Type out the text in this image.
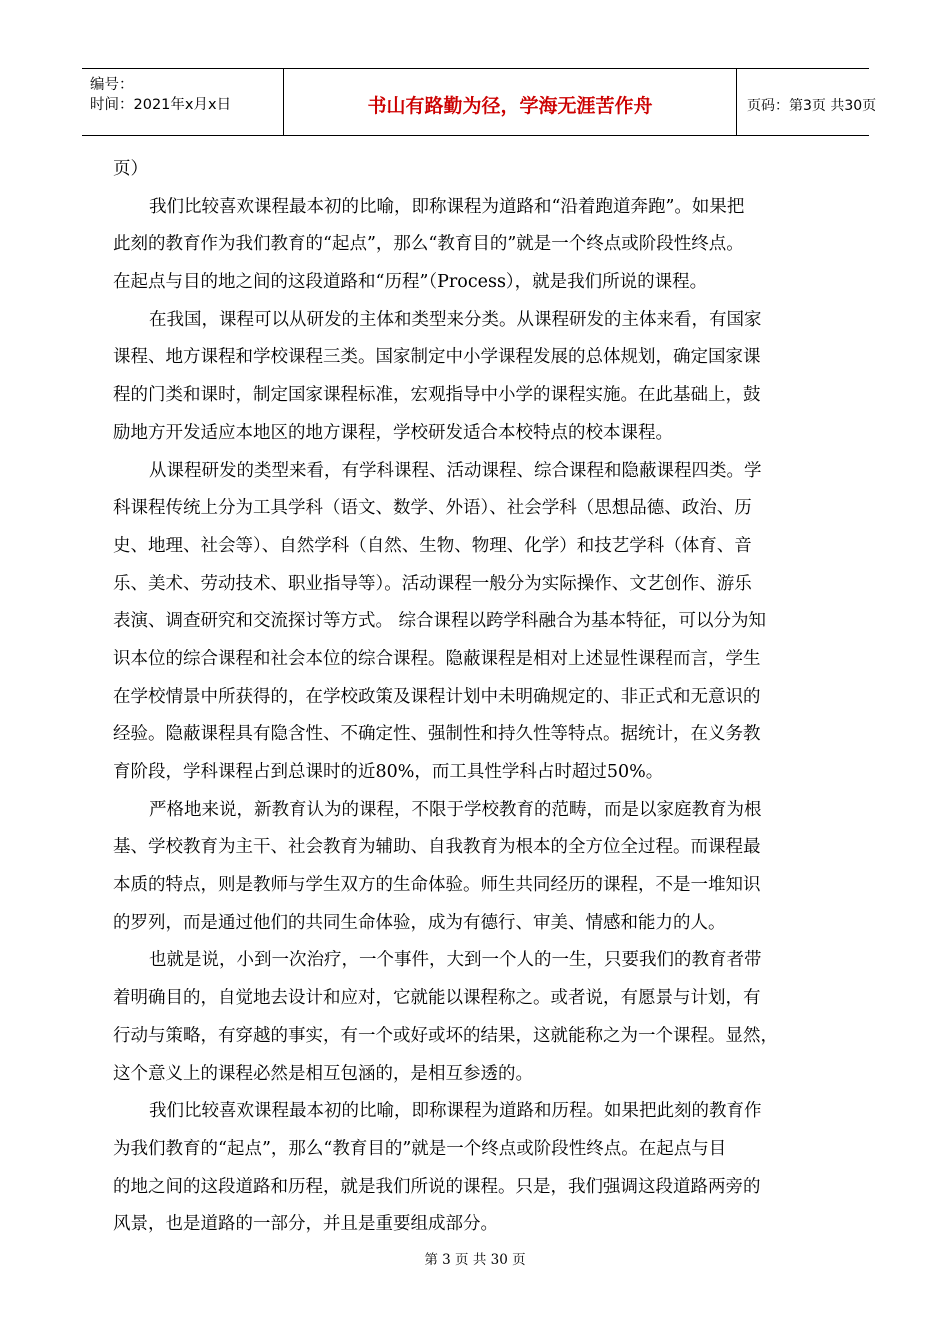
编号：
时间：2021年x月x日	书山有路勤为径，学海无涯苦作舟	页码：第3页 共30页
页）
我们比较喜欢课程最本初的比喻，即称课程为道路和“沿着跑道奔跑”。如果把
此刻的教育作为我们教育的“起点”，那么“教育目的”就是一个终点或阶段性终点。
在起点与目的地之间的这段道路和“历程”（Process），就是我们所说的课程。
在我国，课程可以从研发的主体和类型来分类。从课程研发的主体来看，有国家
课程、地方课程和学校课程三类。国家制定中小学课程发展的总体规划，确定国家课
程的门类和课时，制定国家课程标准，宏观指导中小学的课程实施。在此基础上，鼓
励地方开发适应本地区的地方课程，学校研发适合本校特点的校本课程。
从课程研发的类型来看，有学科课程、活动课程、综合课程和隐蔽课程四类。学
科课程传统上分为工具学科（语文、数学、外语）、社会学科（思想品德、政治、历
史、地理、社会等）、自然学科（自然、生物、物理、化学）和技艺学科（体育、音
乐、美术、劳动技术、职业指导等）。活动课程一般分为实际操作、文艺创作、游乐
表演、调查研究和交流探讨等方式。 综合课程以跨学科融合为基本特征，可以分为知
识本位的综合课程和社会本位的综合课程。隐蔽课程是相对上述显性课程而言，学生
在学校情景中所获得的，在学校政策及课程计划中未明确规定的、非正式和无意识的
经验。隐蔽课程具有隐含性、不确定性、强制性和持久性等特点。据统计，在义务教
育阶段，学科课程占到总课时的近80%，而工具性学科占时超过50%。
严格地来说，新教育认为的课程，不限于学校教育的范畴，而是以家庭教育为根
基、学校教育为主干、社会教育为辅助、自我教育为根本的全方位全过程。而课程最
本质的特点，则是教师与学生双方的生命体验。师生共同经历的课程，不是一堆知识
的罗列，而是通过他们的共同生命体验，成为有德行、审美、情感和能力的人。
也就是说，小到一次治疗，一个事件，大到一个人的一生，只要我们的教育者带
着明确目的，自觉地去设计和应对，它就能以课程称之。或者说，有愿景与计划，有
行动与策略，有穿越的事实，有一个或好或坏的结果，这就能称之为一个课程。显然，
这个意义上的课程必然是相互包涵的，是相互参透的。
我们比较喜欢课程最本初的比喻，即称课程为道路和历程。如果把此刻的教育作
为我们教育的“起点”，那么“教育目的”就是一个终点或阶段性终点。在起点与目
的地之间的这段道路和历程，就是我们所说的课程。只是，我们强调这段道路两旁的
风景，也是道路的一部分，并且是重要组成部分。
第 3 页 共 30 页
